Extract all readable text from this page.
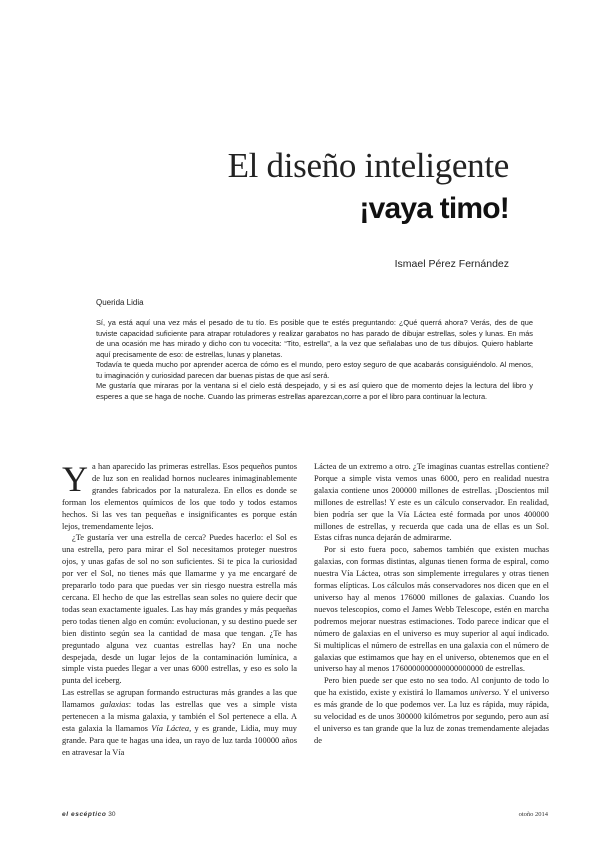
El diseño inteligente
¡vaya timo!
Ismael Pérez Fernández
Querida Lidia

Sí, ya está aquí una vez más el pesado de tu tío. Es posible que te estés preguntando: ¿Qué querrá ahora? Verás, des de que tuviste capacidad suficiente para atrapar rotuladores y realizar garabatos no has parado de dibujar estrellas, soles y lunas. En más de una ocasión me has mirado y dicho con tu vocecita: “Tito, estrella”, a la vez que señalabas uno de tus dibujos. Quiero hablarte aquí precisamente de eso: de estrellas, lunas y planetas.

Todavía te queda mucho por aprender acerca de cómo es el mundo, pero estoy seguro de que acabarás consiguiéndolo. Al menos, tu imaginación y curiosidad parecen dar buenas pistas de que así será.

Me gustaría que miraras por la ventana si el cielo está despejado, y si es así quiero que de momento dejes la lectura del libro y esperes a que se haga de noche. Cuando las primeras estrellas aparezcan,corre a por el libro para continuar la lectura.

Ya han aparecido las primeras estrellas. Esos pequeños puntos de luz son en realidad hornos nucleares inimaginablemente grandes fabricados por la naturaleza. En ellos es donde se forman los elementos químicos de los que todo y todos estamos hechos. Si las ves tan pequeñas e insignificantes es porque están lejos, tremendamente lejos.

¿Te gustaría ver una estrella de cerca? Puedes hacerlo: el Sol es una estrella, pero para mirar el Sol necesitamos proteger nuestros ojos, y unas gafas de sol no son suficientes. Si te pica la curiosidad por ver el Sol, no tienes más que llamarme y ya me encargaré de prepararlo todo para que puedas ver sin riesgo nuestra estrella más cercana. El hecho de que las estrellas sean soles no quiere decir que todas sean exactamente iguales. Las hay más grandes y más pequeñas pero todas tienen algo en común: evolucionan, y su destino puede ser bien distinto según sea la cantidad de masa que tengan. ¿Te has preguntado alguna vez cuantas estrellas hay? En una noche despejada, desde un lugar lejos de la contaminación lumínica, a simple vista puedes llegar a ver unas 6000 estrellas, y eso es solo la punta del iceberg.

Las estrellas se agrupan formando estructuras más grandes a las que llamamos galaxias: todas las estrellas que ves a simple vista pertenecen a la misma galaxia, y también el Sol pertenece a ella. A esta galaxia la llamamos Vía Láctea, y es grande, Lidia, muy muy grande. Para que te hagas una idea, un rayo de luz tarda 100000 años en atravesar la Vía

Láctea de un extremo a otro. ¿Te imaginas cuantas estrellas contiene? Porque a simple vista vemos unas 6000, pero en realidad nuestra galaxia contiene unos 200000 millones de estrellas. ¡Doscientos mil millones de estrellas! Y este es un cálculo conservador. En realidad, bien podría ser que la Vía Láctea esté formada por unos 400000 millones de estrellas, y recuerda que cada una de ellas es un Sol. Estas cifras nunca dejarán de admirarme.

Por si esto fuera poco, sabemos también que existen muchas galaxias, con formas distintas, algunas tienen forma de espiral, como nuestra Vía Láctea, otras son simplemente irregulares y otras tienen formas elípticas. Los cálculos más conservadores nos dicen que en el universo hay al menos 176000 millones de galaxias. Cuando los nuevos telescopios, como el James Webb Telescope, estén en marcha podremos mejorar nuestras estimaciones. Todo parece indicar que el número de galaxias en el universo es muy superior al aquí indicado. Si multiplicas el número de estrellas en una galaxia con el número de galaxias que estimamos que hay en el universo, obtenemos que en el universo hay al menos 1760000000000000000000 de estrellas.

Pero bien puede ser que esto no sea todo. Al conjunto de todo lo que ha existido, existe y existirá lo llamamos universo. Y el universo es más grande de lo que podemos ver. La luz es rápida, muy rápida, su velocidad es de unos 300000 kilómetros por segundo, pero aun así el universo es tan grande que la luz de zonas tremendamente alejadas de

el escéptico 30	otoño 2014
